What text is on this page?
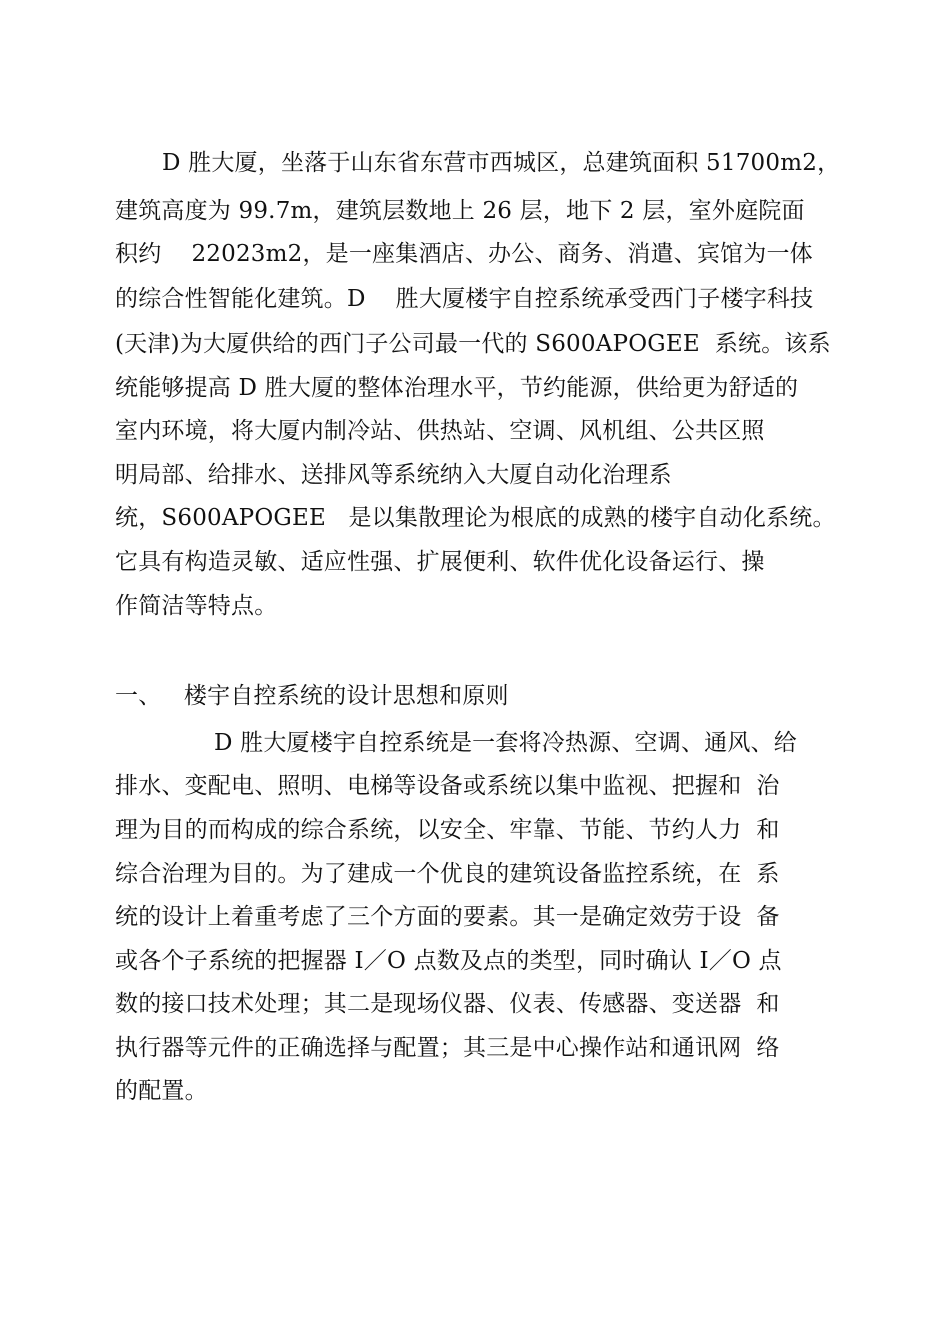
D 胜大厦，坐落于山东省东营市西城区，总建筑面积 51700m2，
建筑高度为 99.7m，建筑层数地上 26 层，地下 2 层，室外庭院面
积约    22023m2，是一座集酒店、办公、商务、消遣、宾馆为一体
的综合性智能化建筑。D    胜大厦楼宇自控系统承受西门子楼字科技
(天津)为大厦供给的西门子公司最一代的 S600APOGEE  系统。该系
统能够提高 D 胜大厦的整体治理水平，节约能源，供给更为舒适的
室内环境，将大厦内制冷站、供热站、空调、风机组、公共区照
明局部、给排水、送排风等系统纳入大厦自动化治理系
统，S600APOGEE   是以集散理论为根底的成熟的楼宇自动化系统。
它具有构造灵敏、适应性强、扩展便利、软件优化设备运行、操
作简洁等特点。
一、   楼宇自控系统的设计思想和原则
D 胜大厦楼宇自控系统是一套将冷热源、空调、通风、给
排水、变配电、照明、电梯等设备或系统以集中监视、把握和  治
理为目的而构成的综合系统，以安全、牢靠、节能、节约人力  和
综合治理为目的。为了建成一个优良的建筑设备监控系统，在  系
统的设计上着重考虑了三个方面的要素。其一是确定效劳于设  备
或各个子系统的把握器 I／O 点数及点的类型，同时确认 I／O 点
数的接口技术处理；其二是现场仪器、仪表、传感器、变送器  和
执行器等元件的正确选择与配置；其三是中心操作站和通讯网  络
的配置。
